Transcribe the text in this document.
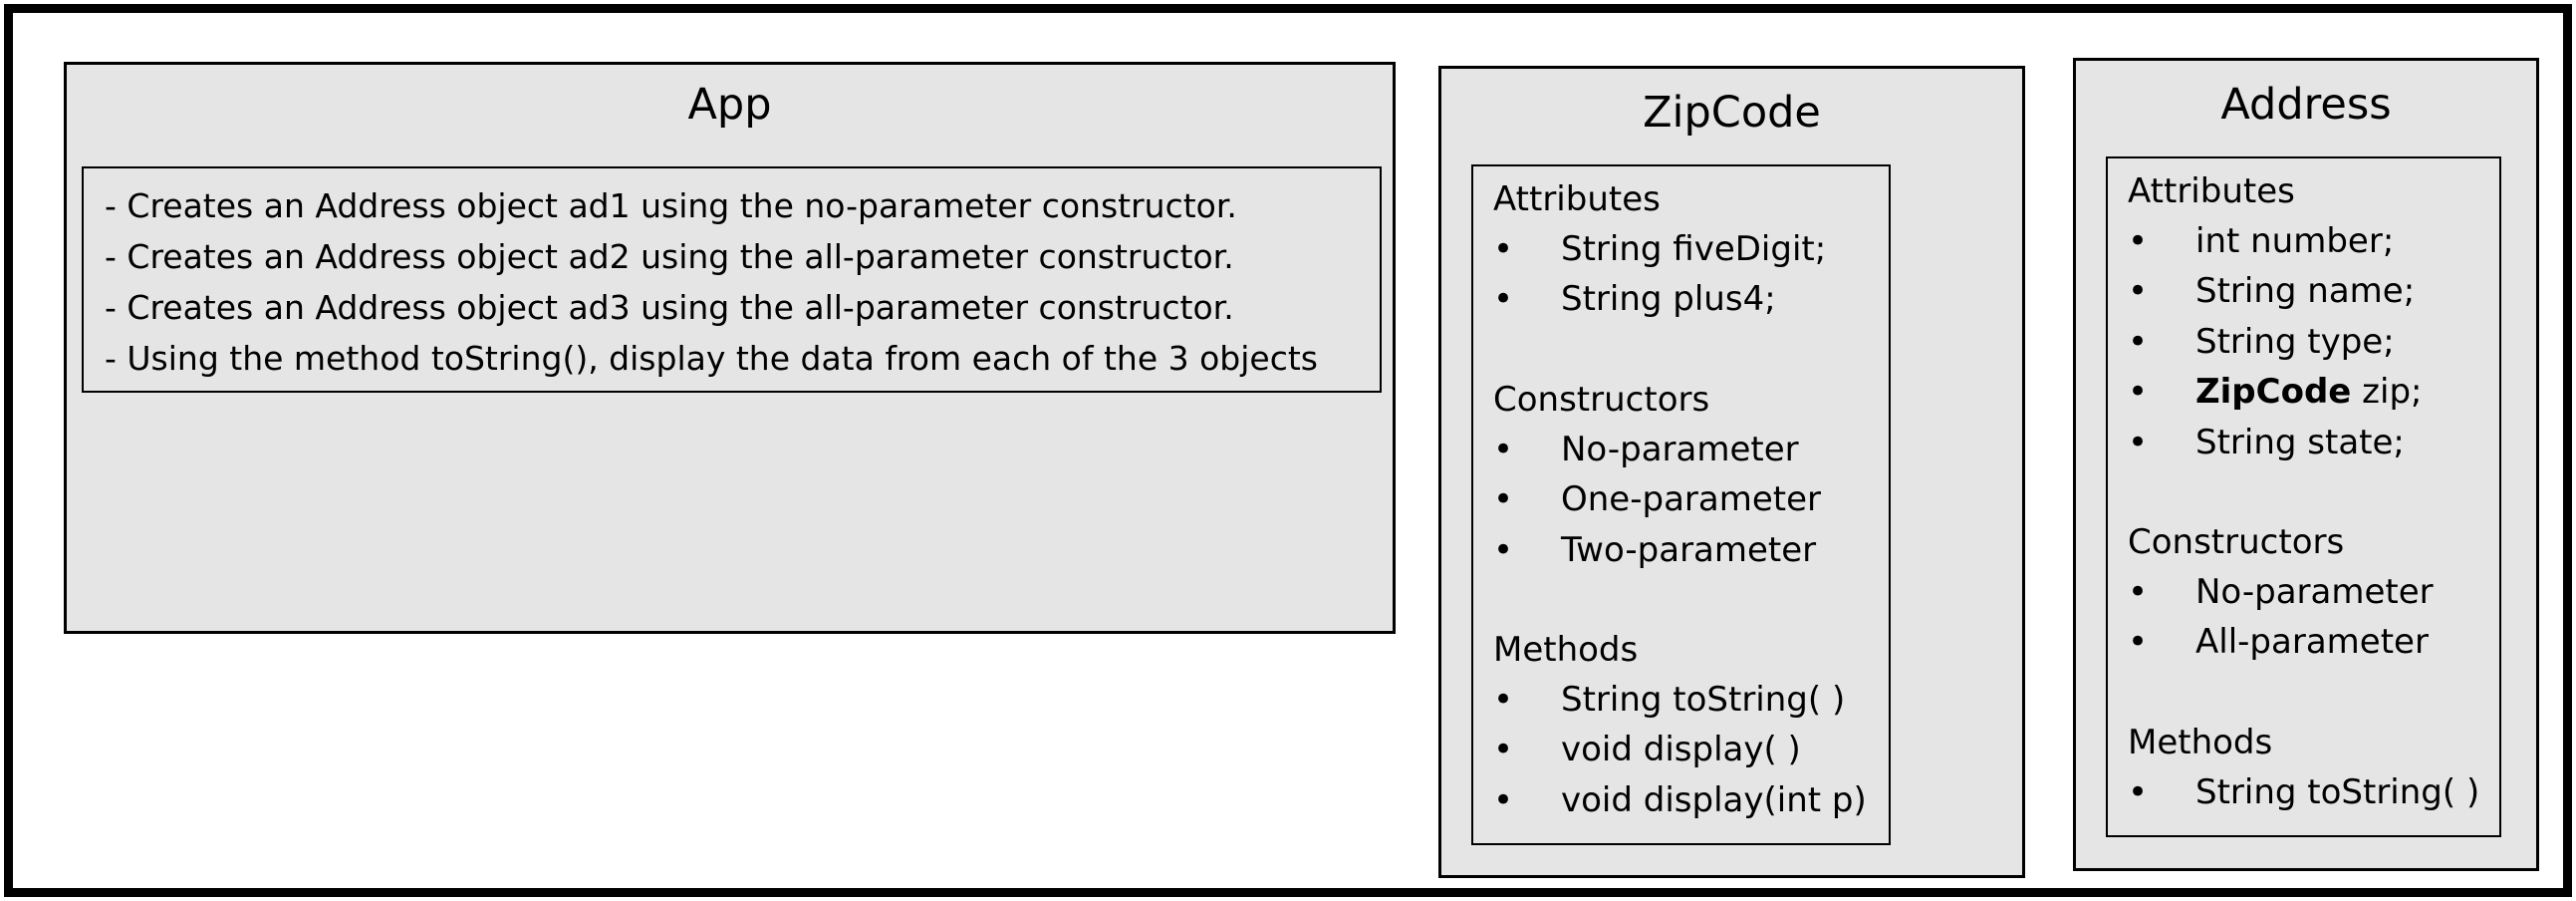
App
- Creates an Address object ad1 using the no-parameter constructor.
- Creates an Address object ad2 using the all-parameter constructor.
- Creates an Address object ad3 using the all-parameter constructor.
- Using the method toString(), display the data from each of the 3 objects
ZipCode
Attributes
•	String fiveDigit;
•	String plus4;
Constructors
•	No-parameter
•	One-parameter
•	Two-parameter
Methods
•	String toString( )
•	void display( )
•	void display(int p)
Address
Attributes
•	int number;
•	String name;
•	String type;
•	ZipCode zip;
•	String state;
Constructors
•	No-parameter
•	All-parameter
Methods
•	String toString( )
